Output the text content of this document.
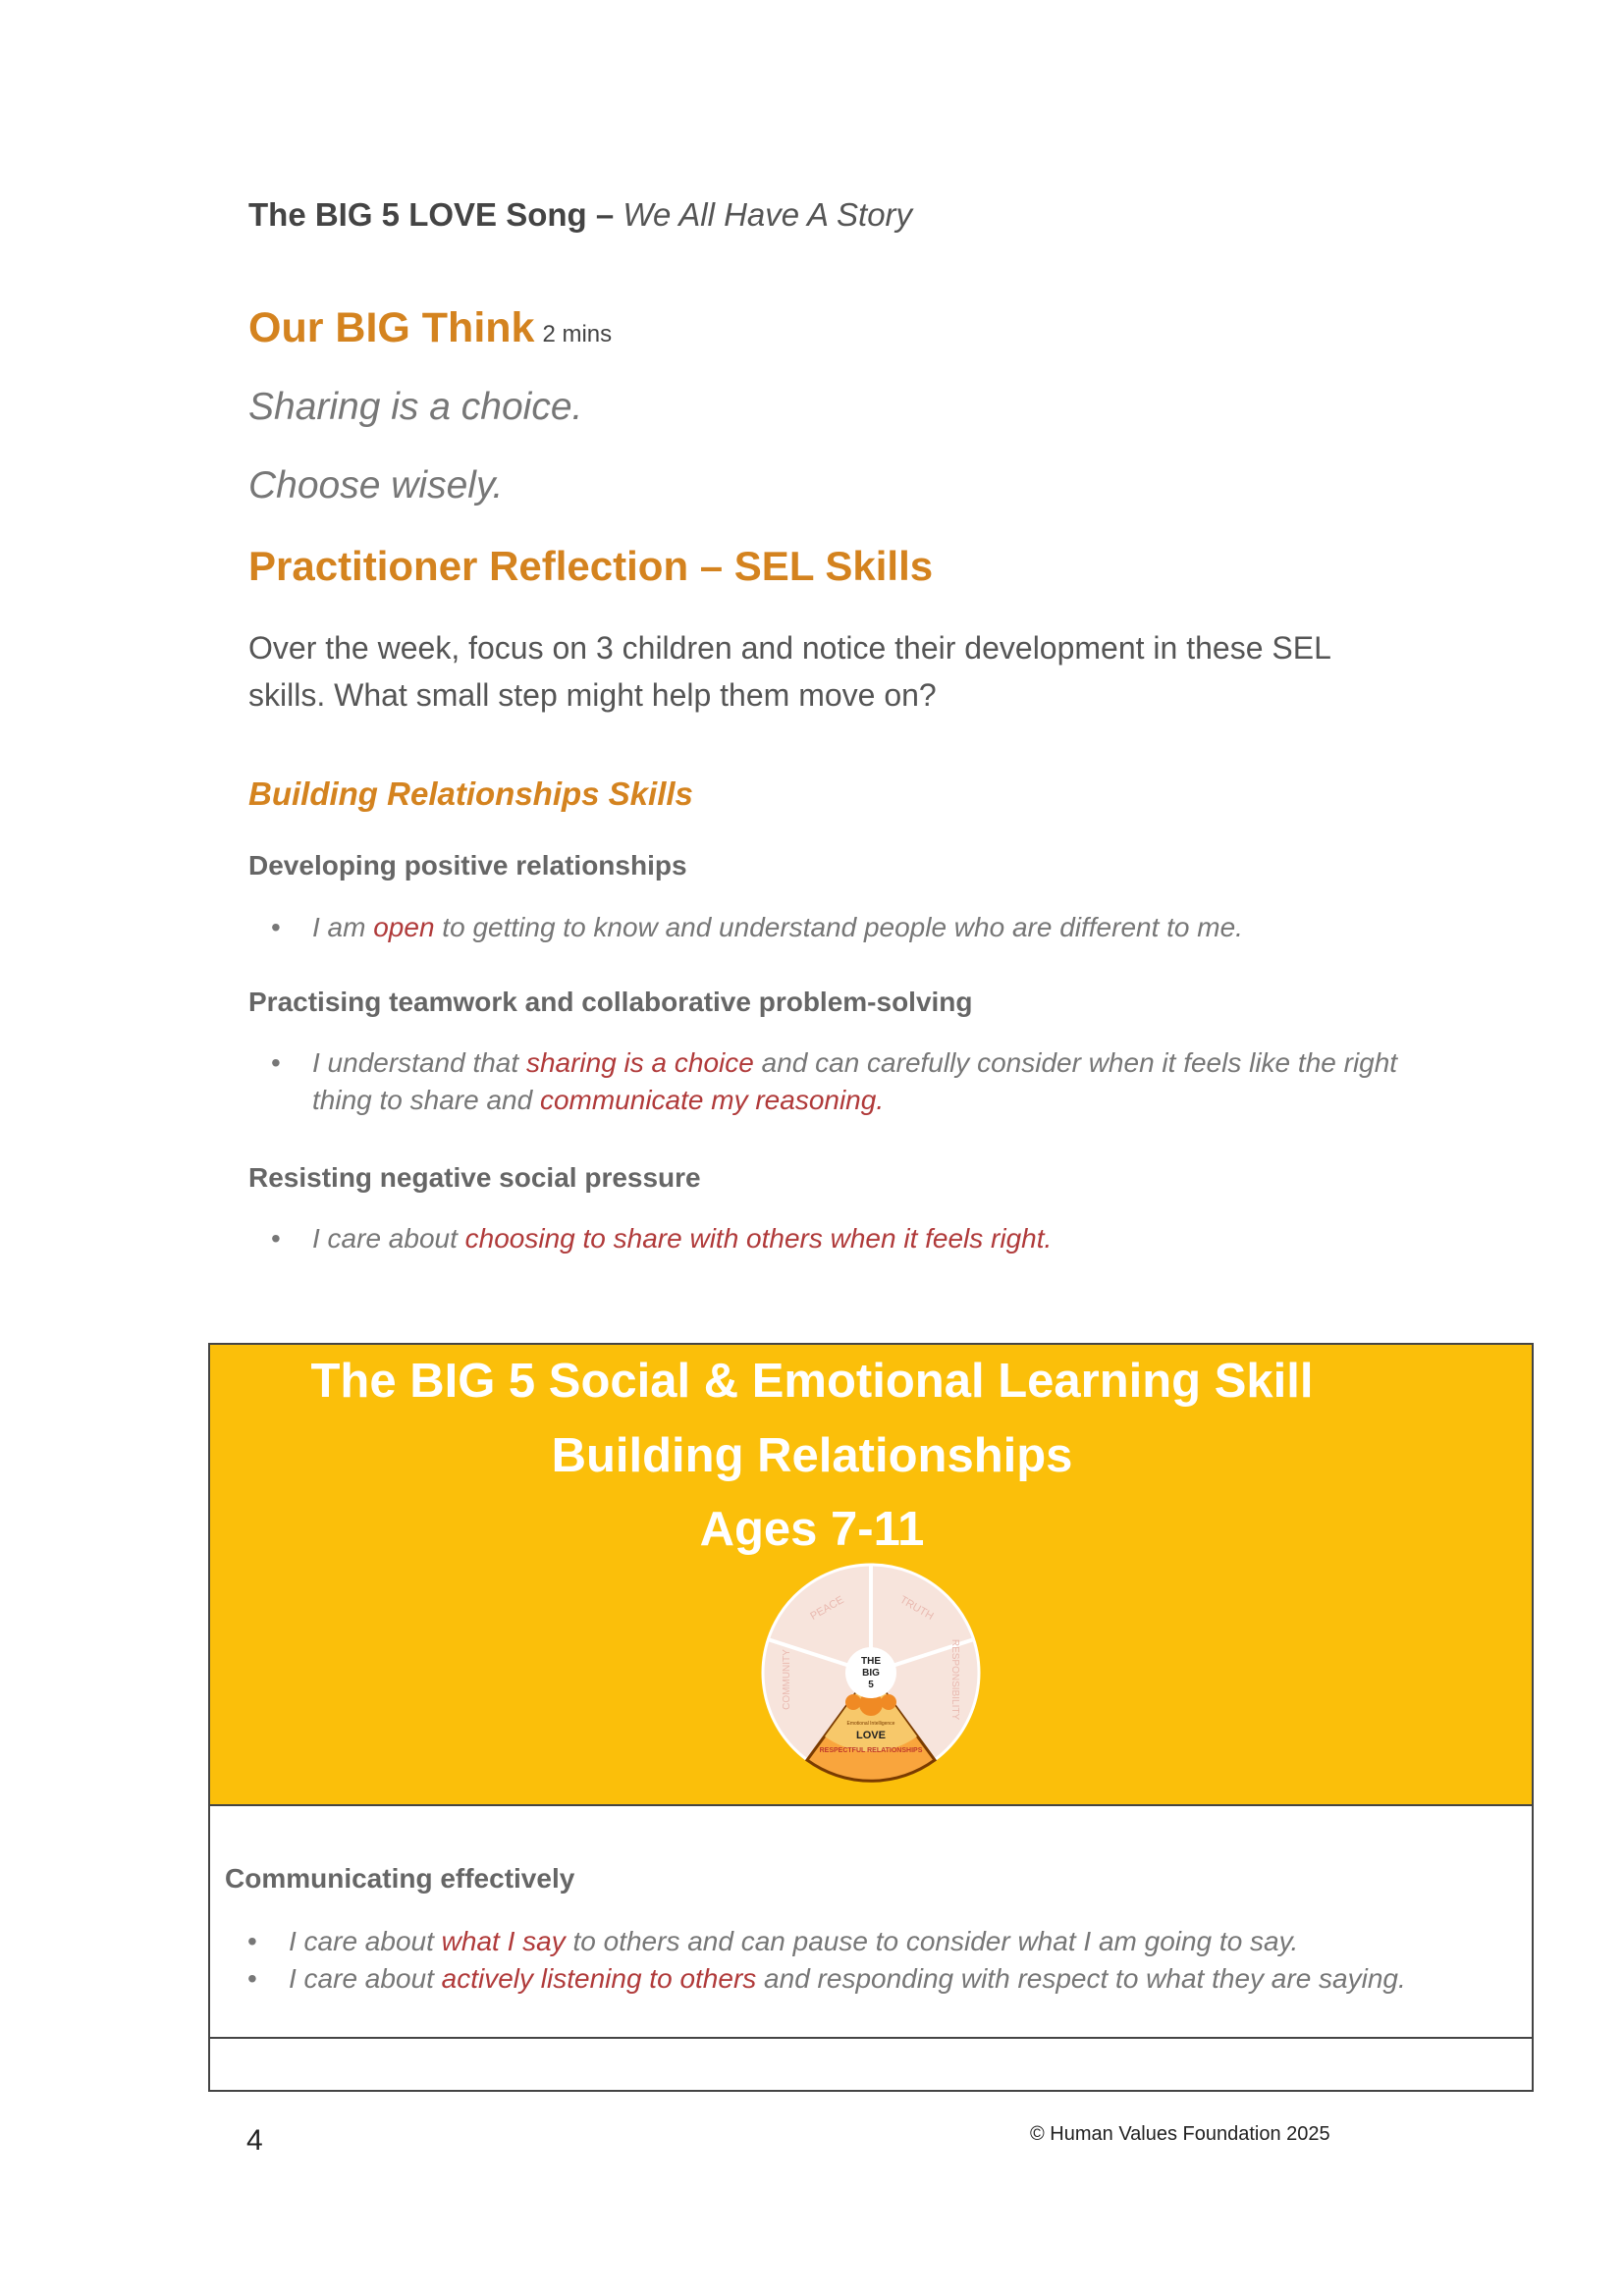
The BIG 5 LOVE Song – We All Have A Story
Our BIG Think 2 mins
Sharing is a choice.
Choose wisely.
Practitioner Reflection – SEL Skills
Over the week, focus on 3 children and notice their development in these SEL skills. What small step might help them move on?
Building Relationships Skills
Developing positive relationships
• I am open to getting to know and understand people who are different to me.
Practising teamwork and collaborative problem-solving
• I understand that sharing is a choice and can carefully consider when it feels like the right thing to share and communicate my reasoning.
Resisting negative social pressure
• I care about choosing to share with others when it feels right.
The BIG 5 Social & Emotional Learning Skill
Building Relationships
Ages 7-11
THE
BIG
5
PEACE	TRUTH
RESPONSIBILITY
COMMUNITY
Emotional Intelligence
LOVE
RESPECTFUL RELATIONSHIPS
Communicating effectively
• I care about what I say to others and can pause to consider what I am going to say.
• I care about actively listening to others and responding with respect to what they are saying.
4	© Human Values Foundation 2025
